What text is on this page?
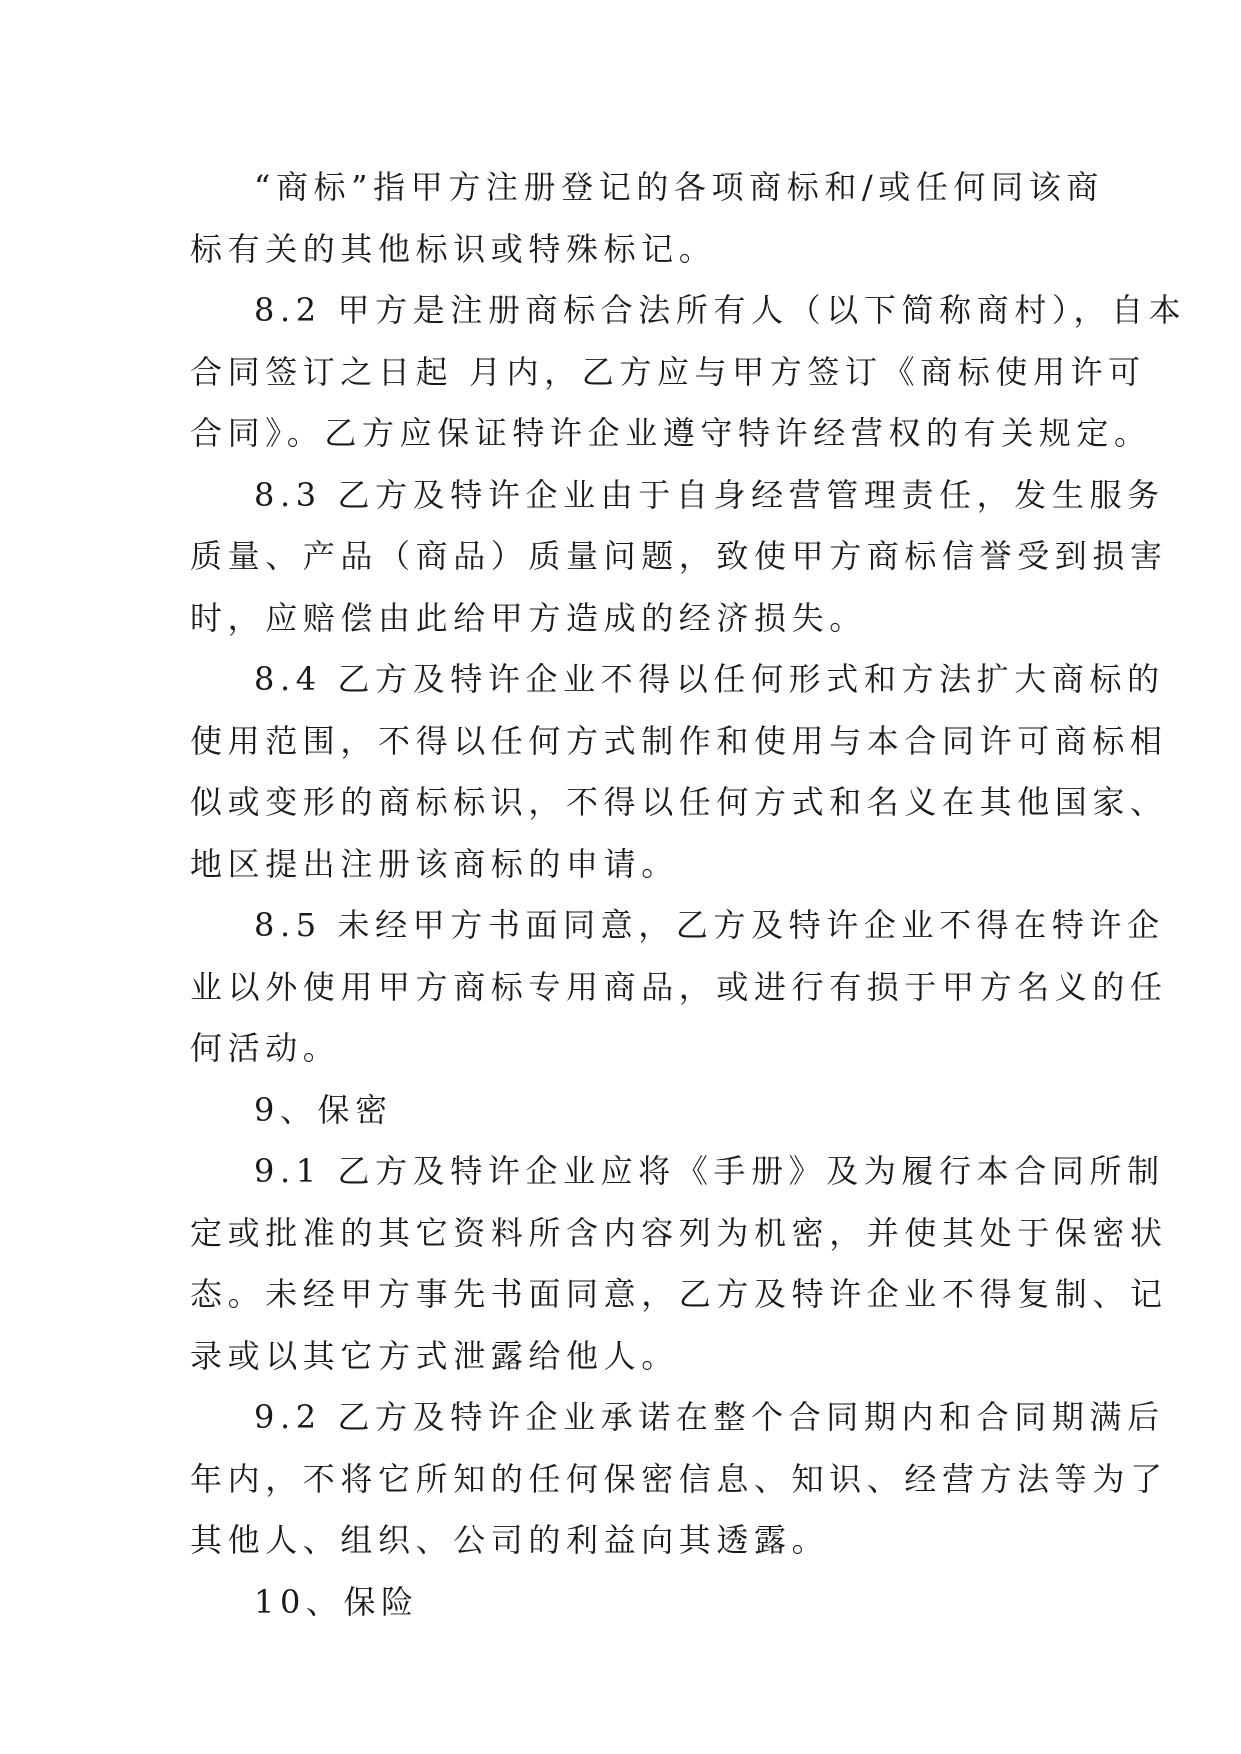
“商标”指甲方注册登记的各项商标和/或任何同该商
标有关的其他标识或特殊标记。
8.2 甲方是注册商标合法所有人（以下简称商村），自本
合同签订之日起 月内，乙方应与甲方签订《商标使用许可
合同》。乙方应保证特许企业遵守特许经营权的有关规定。
8.3 乙方及特许企业由于自身经营管理责任，发生服务
质量、产品（商品）质量问题，致使甲方商标信誉受到损害
时，应赔偿由此给甲方造成的经济损失。
8.4 乙方及特许企业不得以任何形式和方法扩大商标的
使用范围，不得以任何方式制作和使用与本合同许可商标相
似或变形的商标标识，不得以任何方式和名义在其他国家、
地区提出注册该商标的申请。
8.5 未经甲方书面同意，乙方及特许企业不得在特许企
业以外使用甲方商标专用商品，或进行有损于甲方名义的任
何活动。
9、保密
9.1 乙方及特许企业应将《手册》及为履行本合同所制
定或批准的其它资料所含内容列为机密，并使其处于保密状
态。未经甲方事先书面同意，乙方及特许企业不得复制、记
录或以其它方式泄露给他人。
9.2 乙方及特许企业承诺在整个合同期内和合同期满后
年内，不将它所知的任何保密信息、知识、经营方法等为了
其他人、组织、公司的利益向其透露。
10、保险
